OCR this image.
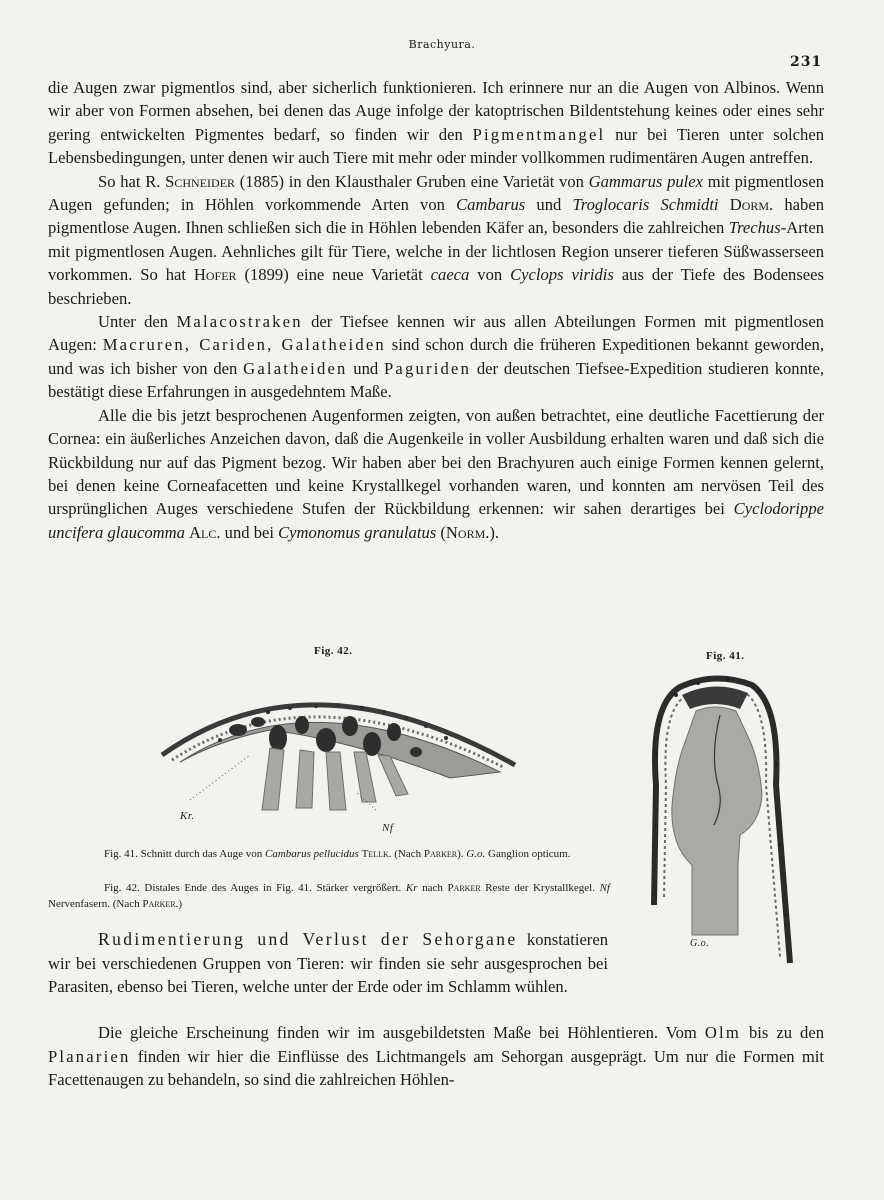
Brachyura.
231

die Augen zwar pigmentlos sind, aber sicherlich funktionieren. Ich erinnere nur an die Augen von Albinos. Wenn wir aber von Formen absehen, bei denen das Auge infolge der katoptrischen Bildentstehung keines oder eines sehr gering entwickelten Pigmentes bedarf, so finden wir den Pigmentmangel nur bei Tieren unter solchen Lebensbedingungen, unter denen wir auch Tiere mit mehr oder minder vollkommen rudimentären Augen antreffen.

So hat R. Schneider (1885) in den Klausthaler Gruben eine Varietät von Gammarus pulex mit pigmentlosen Augen gefunden; in Höhlen vorkommende Arten von Cambarus und Troglocaris Schmidti Dorm. haben pigmentlose Augen. Ihnen schließen sich die in Höhlen lebenden Käfer an, besonders die zahlreichen Trechus-Arten mit pigmentlosen Augen. Aehnliches gilt für Tiere, welche in der lichtlosen Region unserer tieferen Süßwasserseen vorkommen. So hat Hofer (1899) eine neue Varietät caeca von Cyclops viridis aus der Tiefe des Bodensees beschrieben.

Unter den Malacostraken der Tiefsee kennen wir aus allen Abteilungen Formen mit pigmentlosen Augen: Macruren, Cariden, Galatheiden sind schon durch die früheren Expeditionen bekannt geworden, und was ich bisher von den Galatheiden und Paguriden der deutschen Tiefsee-Expedition studieren konnte, bestätigt diese Erfahrungen in ausgedehntem Maße.

Alle die bis jetzt besprochenen Augenformen zeigten, von außen betrachtet, eine deutliche Facettierung der Cornea: ein äußerliches Anzeichen davon, daß die Augenkeile in voller Ausbildung erhalten waren und daß sich die Rückbildung nur auf das Pigment bezog. Wir haben aber bei den Brachyuren auch einige Formen kennen gelernt, bei denen keine Corneafacetten und keine Krystallkegel vorhanden waren, und konnten am nervösen Teil des ursprünglichen Auges verschiedene Stufen der Rückbildung erkennen: wir sahen derartiges bei Cyclodorippe uncifera glaucomma Alc. und bei Cymonomus granulatus (Norm.).

Fig. 42.	Fig. 41.
Kr.
Nf
G.o.

Fig. 41. Schnitt durch das Auge von Cambarus pellucidus Tellk. (Nach Parker). G.o. Ganglion opticum.

Fig. 42. Distales Ende des Auges in Fig. 41. Stärker vergrößert. Kr nach Parker Reste der Krystallkegel. Nf Nervenfasern. (Nach Parker.)

Rudimentierung und Verlust der Sehorgane konstatieren wir bei verschiedenen Gruppen von Tieren: wir finden sie sehr ausgesprochen bei Parasiten, ebenso bei Tieren, welche unter der Erde oder im Schlamm wühlen.

Die gleiche Erscheinung finden wir im ausgebildetsten Maße bei Höhlentieren. Vom Olm bis zu den Planarien finden wir hier die Einflüsse des Lichtmangels am Sehorgan ausgeprägt. Um nur die Formen mit Facettenaugen zu behandeln, so sind die zahlreichen Höhlen-
